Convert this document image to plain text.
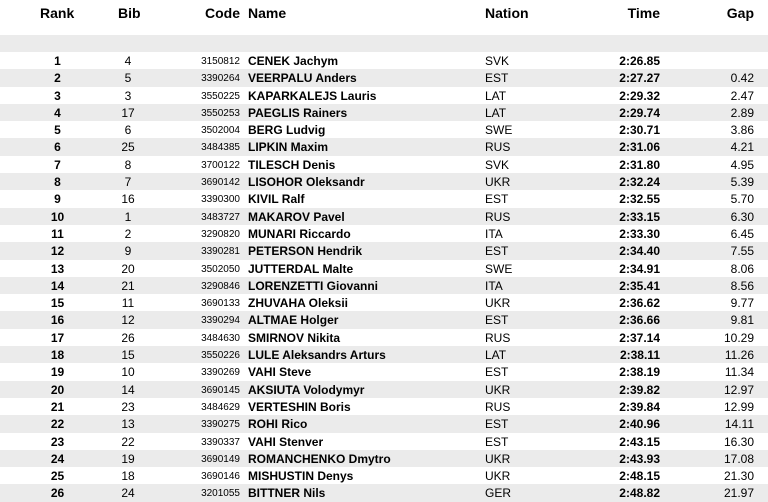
Rank	Bib	Code Name	Nation	Time	Gap
1	4	3150812 CENEK Jachym	SVK	2:26.85
2	5	3390264 VEERPALU Anders	EST	2:27.27	0.42
3	3	3550225 KAPARKALEJS Lauris	LAT	2:29.32	2.47
4	17	3550253 PAEGLIS Rainers	LAT	2:29.74	2.89
5	6	3502004 BERG Ludvig	SWE	2:30.71	3.86
6	25	3484385 LIPKIN Maxim	RUS	2:31.06	4.21
7	8	3700122 TILESCH Denis	SVK	2:31.80	4.95
8	7	3690142 LISOHOR Oleksandr	UKR	2:32.24	5.39
9	16	3390300 KIVIL Ralf	EST	2:32.55	5.70
10	1	3483727 MAKAROV Pavel	RUS	2:33.15	6.30
11	2	3290820 MUNARI Riccardo	ITA	2:33.30	6.45
12	9	3390281 PETERSON Hendrik	EST	2:34.40	7.55
13	20	3502050 JUTTERDAL Malte	SWE	2:34.91	8.06
14	21	3290846 LORENZETTI Giovanni	ITA	2:35.41	8.56
15	11	3690133 ZHUVAHA Oleksii	UKR	2:36.62	9.77
16	12	3390294 ALTMAE Holger	EST	2:36.66	9.81
17	26	3484630 SMIRNOV Nikita	RUS	2:37.14	10.29
18	15	3550226 LULE Aleksandrs Arturs	LAT	2:38.11	11.26
19	10	3390269 VAHI Steve	EST	2:38.19	11.34
20	14	3690145 AKSIUTA Volodymyr	UKR	2:39.82	12.97
21	23	3484629 VERTESHIN Boris	RUS	2:39.84	12.99
22	13	3390275 ROHI Rico	EST	2:40.96	14.11
23	22	3390337 VAHI Stenver	EST	2:43.15	16.30
24	19	3690149 ROMANCHENKO Dmytro	UKR	2:43.93	17.08
25	18	3690146 MISHUSTIN Denys	UKR	2:48.15	21.30
26	24	3201055 BITTNER Nils	GER	2:48.82	21.97
